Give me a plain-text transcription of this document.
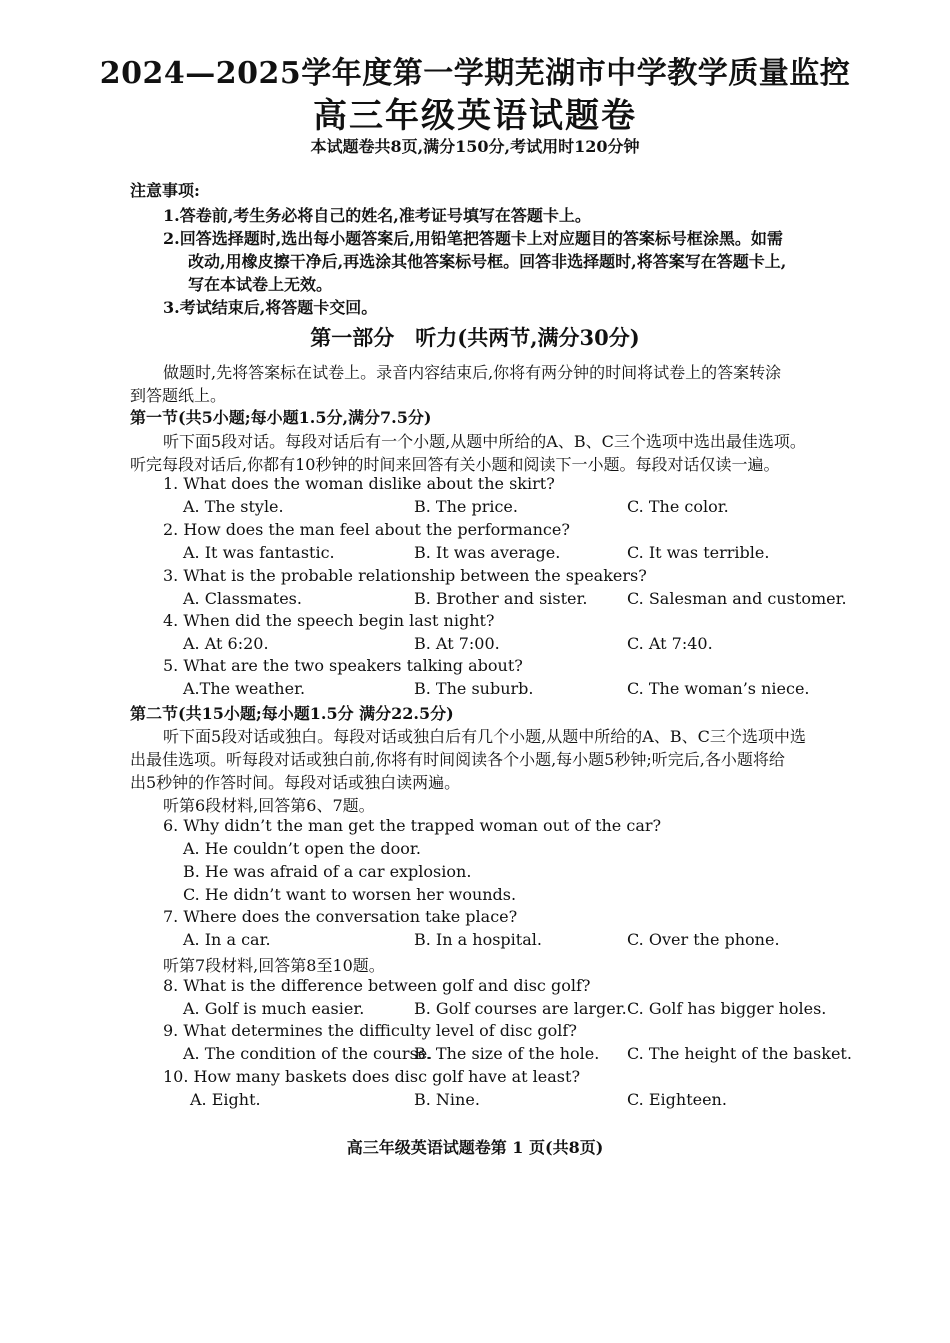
2024—2025学年度第一学期芜湖市中学教学质量监控
高三年级英语试题卷
本试题卷共8页,满分150分,考试用时120分钟
注意事项:
1.答卷前,考生务必将自己的姓名,准考证号填写在答题卡上。
2.回答选择题时,选出每小题答案后,用铅笔把答题卡上对应题目的答案标号框涂黑。如需
改动,用橡皮擦干净后,再选涂其他答案标号框。回答非选择题时,将答案写在答题卡上,
写在本试卷上无效。
3.考试结束后,将答题卡交回。
第一部分　听力(共两节,满分30分)
做题时,先将答案标在试卷上。录音内容结束后,你将有两分钟的时间将试卷上的答案转涂
到答题纸上。
第一节(共5小题;每小题1.5分,满分7.5分)
听下面5段对话。每段对话后有一个小题,从题中所给的A、B、C三个选项中选出最佳选项。
听完每段对话后,你都有10秒钟的时间来回答有关小题和阅读下一小题。每段对话仅读一遍。
1. What does the woman dislike about the skirt?
A. The style.	B. The price.	C. The color.
2. How does the man feel about the performance?
A. It was fantastic.	B. It was average.	C. It was terrible.
3. What is the probable relationship between the speakers?
A. Classmates.	B. Brother and sister. C. Salesman and customer.
4. When did the speech begin last night?
A. At 6:20.	B. At 7:00.	C. At 7:40.
5. What are the two speakers talking about?
A.The weather.	B. The suburb.	C. The woman’s niece.
第二节(共15小题;每小题1.5分 满分22.5分)
听下面5段对话或独白。每段对话或独白后有几个小题,从题中所给的A、B、C三个选项中选
出最佳选项。听每段对话或独白前,你将有时间阅读各个小题,每小题5秒钟;听完后,各小题将给
出5秒钟的作答时间。每段对话或独白读两遍。
听第6段材料,回答第6、7题。
6. Why didn’t the man get the trapped woman out of the car?
A. He couldn’t open the door.
B. He was afraid of a car explosion.
C. He didn’t want to worsen her wounds.
7. Where does the conversation take place?
A. In a car.	B. In a hospital.	C. Over the phone.
听第7段材料,回答第8至10题。
8. What is the difference between golf and disc golf?
A. Golf is much easier.	B. Golf courses are larger. C. Golf has bigger holes.
9. What determines the difficulty level of disc golf?
A. The condition of the course.
B. The size of the hole. C. The height of the basket.
10. How many baskets does disc golf have at least?
A. Eight.	B. Nine.	C. Eighteen.
高三年级英语试题卷第 1 页(共8页)
